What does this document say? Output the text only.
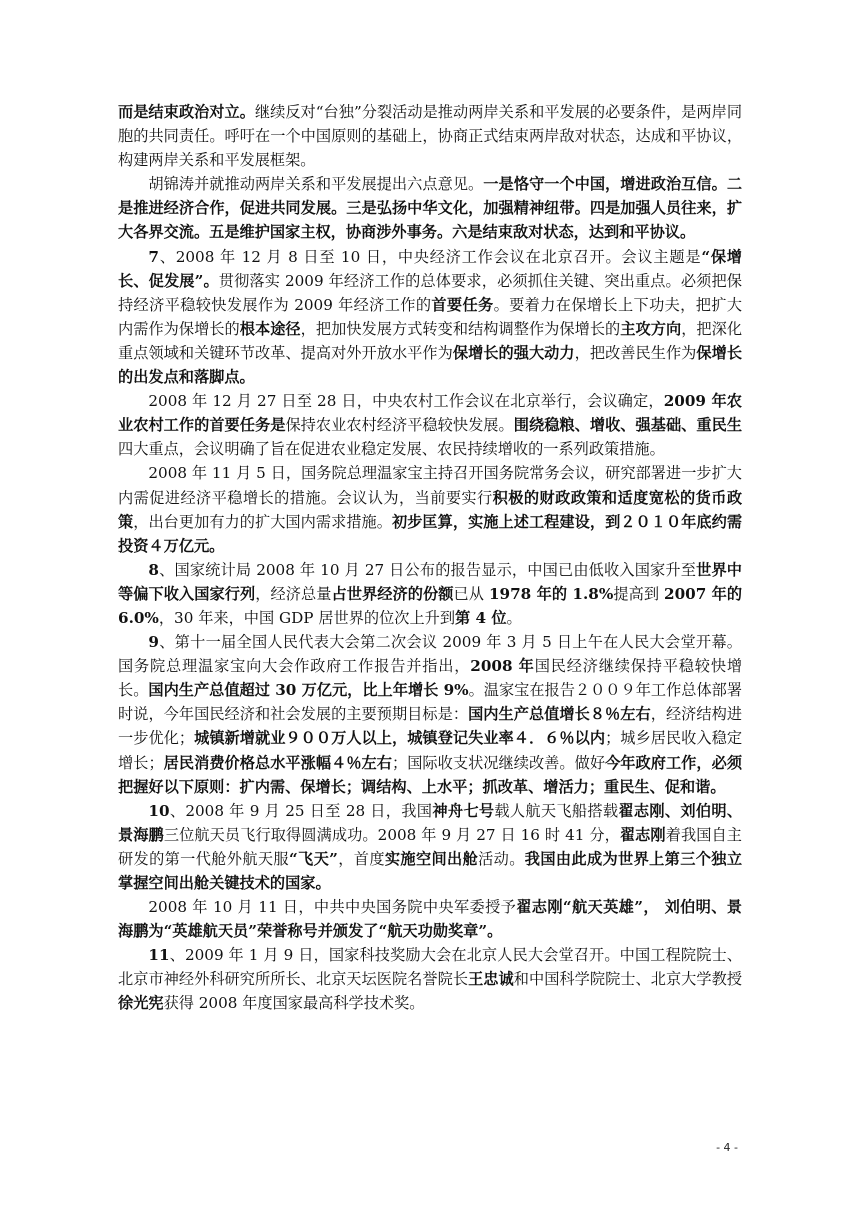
而是结束政治对立。继续反对“台独”分裂活动是推动两岸关系和平发展的必要条件，是两岸同胞的共同责任。呼吁在一个中国原则的基础上，协商正式结束两岸敌对状态，达成和平协议，构建两岸关系和平发展框架。

胡锦涛并就推动两岸关系和平发展提出六点意见。一是恪守一个中国，增进政治互信。二是推进经济合作，促进共同发展。三是弘扬中华文化，加强精神纽带。四是加强人员往来，扩大各界交流。五是维护国家主权，协商涉外事务。六是结束敌对状态，达到和平协议。

7、2008 年 12 月 8 日至 10 日，中央经济工作会议在北京召开。会议主题是“保增长、促发展”。贯彻落实 2009 年经济工作的总体要求，必须抓住关键、突出重点。必须把保持经济平稳较快发展作为 2009 年经济工作的首要任务。要着力在保增长上下功夫，把扩大内需作为保增长的根本途径，把加快发展方式转变和结构调整作为保增长的主攻方向，把深化重点领域和关键环节改革、提高对外开放水平作为保增长的强大动力，把改善民生作为保增长的出发点和落脚点。

2008 年 12 月 27 日至 28 日，中央农村工作会议在北京举行，会议确定，2009 年农业农村工作的首要任务是保持农业农村经济平稳较快发展。围绕稳粮、增收、强基础、重民生四大重点，会议明确了旨在促进农业稳定发展、农民持续增收的一系列政策措施。

2008 年 11 月 5 日，国务院总理温家宝主持召开国务院常务会议，研究部署进一步扩大内需促进经济平稳增长的措施。会议认为，当前要实行积极的财政政策和适度宽松的货币政策，出台更加有力的扩大国内需求措施。初步匡算，实施上述工程建设，到２０１０年底约需投资４万亿元。

8、国家统计局 2008 年 10 月 27 日公布的报告显示，中国已由低收入国家升至世界中等偏下收入国家行列，经济总量占世界经济的份额已从 1978 年的 1.8%提高到 2007 年的 6.0%，30 年来，中国 GDP 居世界的位次上升到第 4 位。

9、第十一届全国人民代表大会第二次会议 2009 年 3 月 5 日上午在人民大会堂开幕。国务院总理温家宝向大会作政府工作报告并指出，2008 年国民经济继续保持平稳较快增长。国内生产总值超过 30 万亿元，比上年增长 9%。温家宝在报告２００９年工作总体部署时说，今年国民经济和社会发展的主要预期目标是：国内生产总值增长８％左右，经济结构进一步优化；城镇新增就业９００万人以上，城镇登记失业率４．６％以内；城乡居民收入稳定增长；居民消费价格总水平涨幅４％左右；国际收支状况继续改善。做好今年政府工作，必须把握好以下原则：扩内需、保增长；调结构、上水平；抓改革、增活力；重民生、促和谐。

10、2008 年 9 月 25 日至 28 日，我国神舟七号载人航天飞船搭载翟志刚、刘伯明、景海鹏三位航天员飞行取得圆满成功。2008 年 9 月 27 日 16 时 41 分，翟志刚着我国自主研发的第一代舱外航天服“飞天”，首度实施空间出舱活动。我国由此成为世界上第三个独立掌握空间出舱关键技术的国家。

2008 年 10 月 11 日，中共中央国务院中央军委授予翟志刚“航天英雄”， 刘伯明、景海鹏为“英雄航天员”荣誉称号并颁发了“航天功勋奖章”。

11、2009 年 1 月 9 日，国家科技奖励大会在北京人民大会堂召开。中国工程院院士、北京市神经外科研究所所长、北京天坛医院名誉院长王忠诚和中国科学院院士、北京大学教授徐光宪获得 2008 年度国家最高科学技术奖。

- 4 -
